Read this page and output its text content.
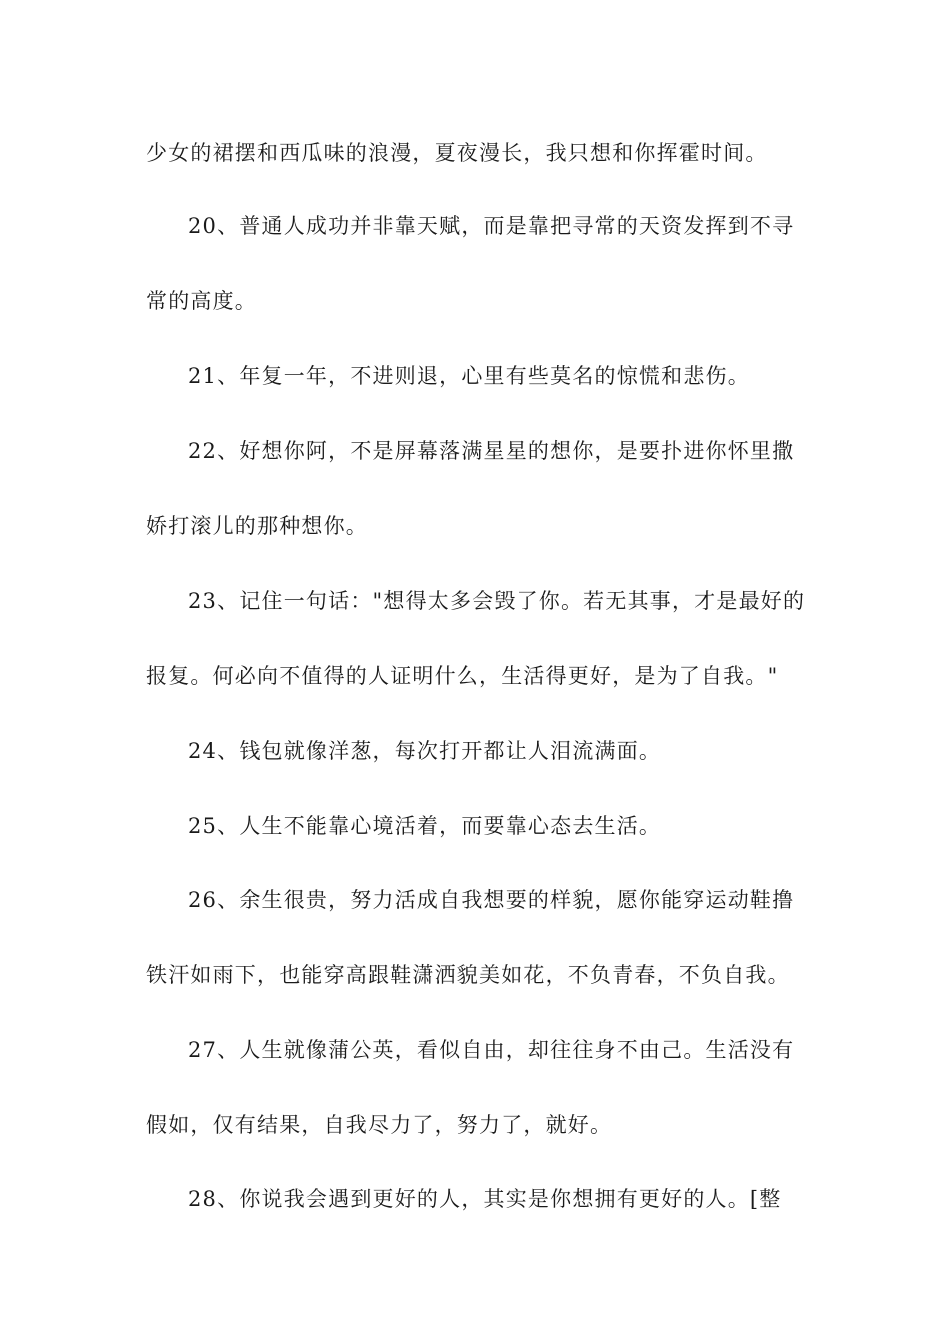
少女的裙摆和西瓜味的浪漫，夏夜漫长，我只想和你挥霍时间。
20、普通人成功并非靠天赋，而是靠把寻常的天资发挥到不寻
常的高度。
21、年复一年，不进则退，心里有些莫名的惊慌和悲伤。
22、好想你阿，不是屏幕落满星星的想你，是要扑进你怀里撒
娇打滚儿的那种想你。
23、记住一句话："想得太多会毁了你。若无其事，才是最好的
报复。何必向不值得的人证明什么，生活得更好，是为了自我。"
24、钱包就像洋葱，每次打开都让人泪流满面。
25、人生不能靠心境活着，而要靠心态去生活。
26、余生很贵，努力活成自我想要的样貌，愿你能穿运动鞋撸
铁汗如雨下，也能穿高跟鞋潇洒貌美如花，不负青春，不负自我。
27、人生就像蒲公英，看似自由，却往往身不由己。生活没有
假如，仅有结果，自我尽力了，努力了，就好。
28、你说我会遇到更好的人，其实是你想拥有更好的人。[整
